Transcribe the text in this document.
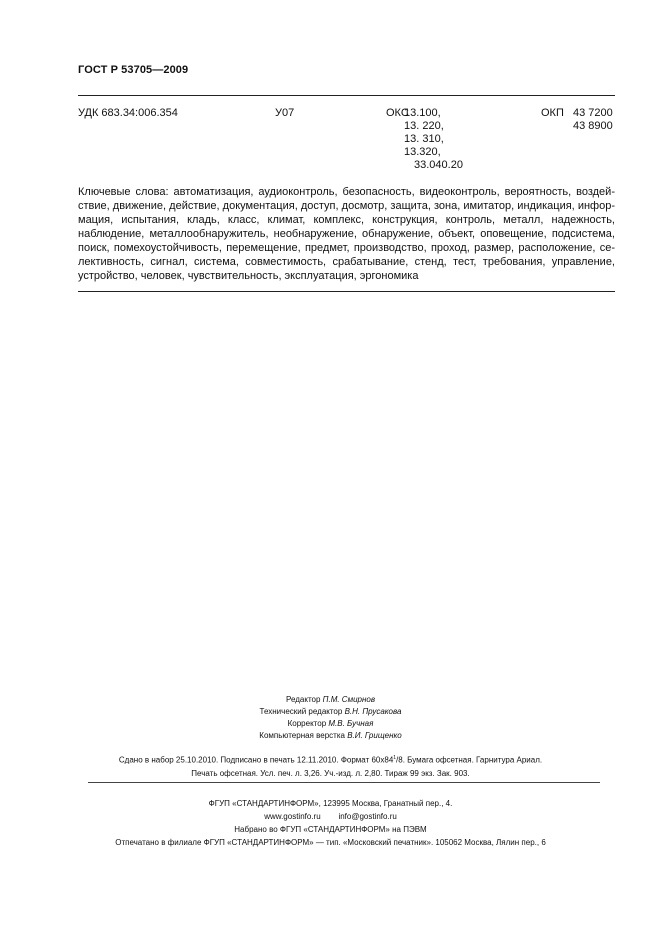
ГОСТ Р 53705—2009
УДК 683.34:006.354	У07	ОКС
13.100,
13. 220,
13. 310,
13.320,
33.040.20
ОКП 43 7200
43 8900
Ключевые слова: автоматизация, аудиоконтроль, безопасность, видеоконтроль, вероятность, воздей-ствие, движение, действие, документация, доступ, досмотр, защита, зона, имитатор, индикация, инфор-мация, испытания, кладь, класс, климат, комплекс, конструкция, контроль, металл, надежность, наблюдение, металлообнаружитель, необнаружение, обнаружение, объект, оповещение, подсистема, поиск, помехоустойчивость, перемещение, предмет, производство, проход, размер, расположение, се-лективность, сигнал, система, совместимость, срабатывание, стенд, тест, требования, управление, устройство, человек, чувствительность, эксплуатация, эргономика
Редактор П.М. Смирнов
Технический редактор В.Н. Прусакова
Корректор М.В. Бучная
Компьютерная верстка В.И. Грищенко
Сдано в набор 25.10.2010. Подписано в печать 12.11.2010. Формат $60х84^1/8$. Бумага офсетная. Гарнитура Ариал.
Печать офсетная. Усл. печ. л. 3,26. Уч.-изд. л. 2,80. Тираж 99 экз. Зак. 903.
ФГУП «СТАНДАРТИНФОРМ», 123995 Москва, Гранатный пер., 4.
www.gostinfo.ru        info@gostinfo.ru
Набрано во ФГУП «СТАНДАРТИНФОРМ» на ПЭВМ
Отпечатано в филиале ФГУП «СТАНДАРТИНФОРМ» — тип. «Московский печатник». 105062 Москва, Лялин пер., 6
